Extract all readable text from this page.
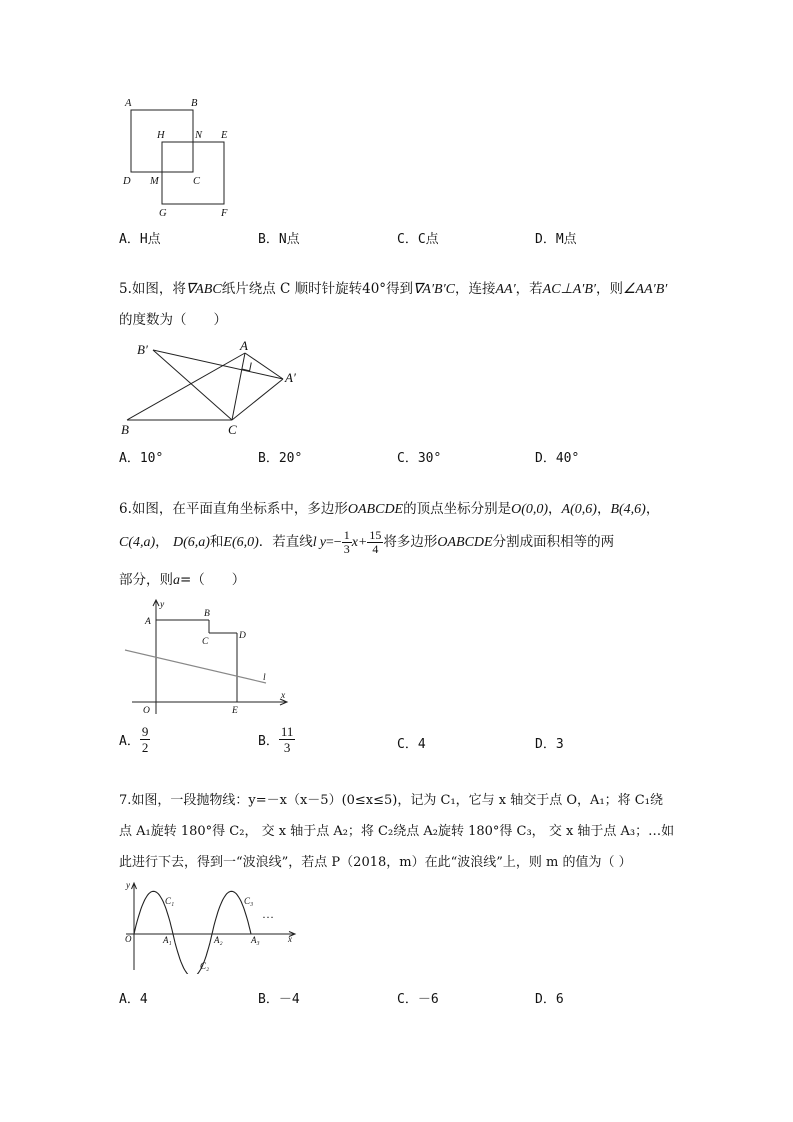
A	B
H	N E
D M	C
G	F
A．H点	B．N点	C．C点	D．M点
5.如图，将∇ABC纸片绕点 C 顺时针旋转40°得到∇A′B′C，连接AA′，若AC⊥A′B′，则∠AA′B′
的度数为（　　）
B′	A
A′
B	C
A．10°	B．20°	C．30°	D．40°
6.如图，在平面直角坐标系中，多边形OABCDE的顶点坐标分别是O(0,0)，A(0,6)，B(4,6)，
C(4,a)， D(6,a)和E(6,0)．若直线l $y=- \frac{1}{3} x+ \frac{15}{4}$ 将多边形OABCDE分割成面积相等的两
部分，则a=（　　）
y
A
B
C
D
l
O	E
x
A． $\frac{9}{2}$	B． $\frac{11}{3}$	C．4	D．3
7.如图，一段抛物线：y=－x（x－5）(0≤x≤5)，记为 C₁，它与 x 轴交于点 O，A₁；将 C₁绕
点 A₁旋转 180°得 C₂， 交 x 轴于点 A₂；将 C₂绕点 A₂旋转 180°得 C₃， 交 x 轴于点 A₃；…如
此进行下去，得到一“波浪线”，若点 P（2018，m）在此“波浪线”上，则 m 的值为（ ）
y
O	A₁	A₂	A₃	x
C₁
C₂
C₃
…
A．4	B．－4	C．－6	D．6
